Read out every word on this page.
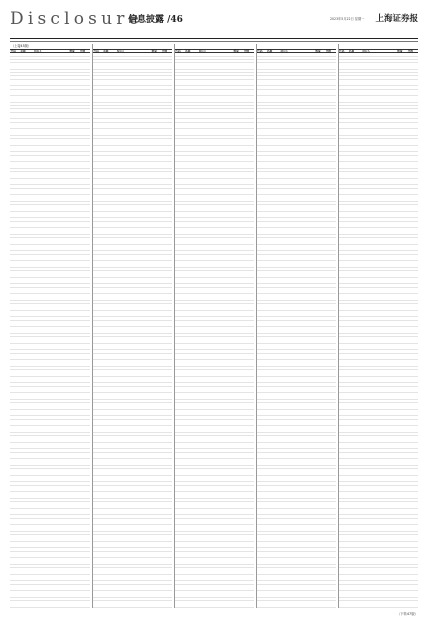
Disclosure
信息披露 /46	2023年5月22日 星期一 上海证券报
（上接45版）
代码	名称	持有人	数量	比例	代码	名称	持有人	数量	比例	代码	名称	持有人	数量	比例	代码	名称	持有人	数量	比例	代码	名称	持有人	数量	比例
（下转47版）
